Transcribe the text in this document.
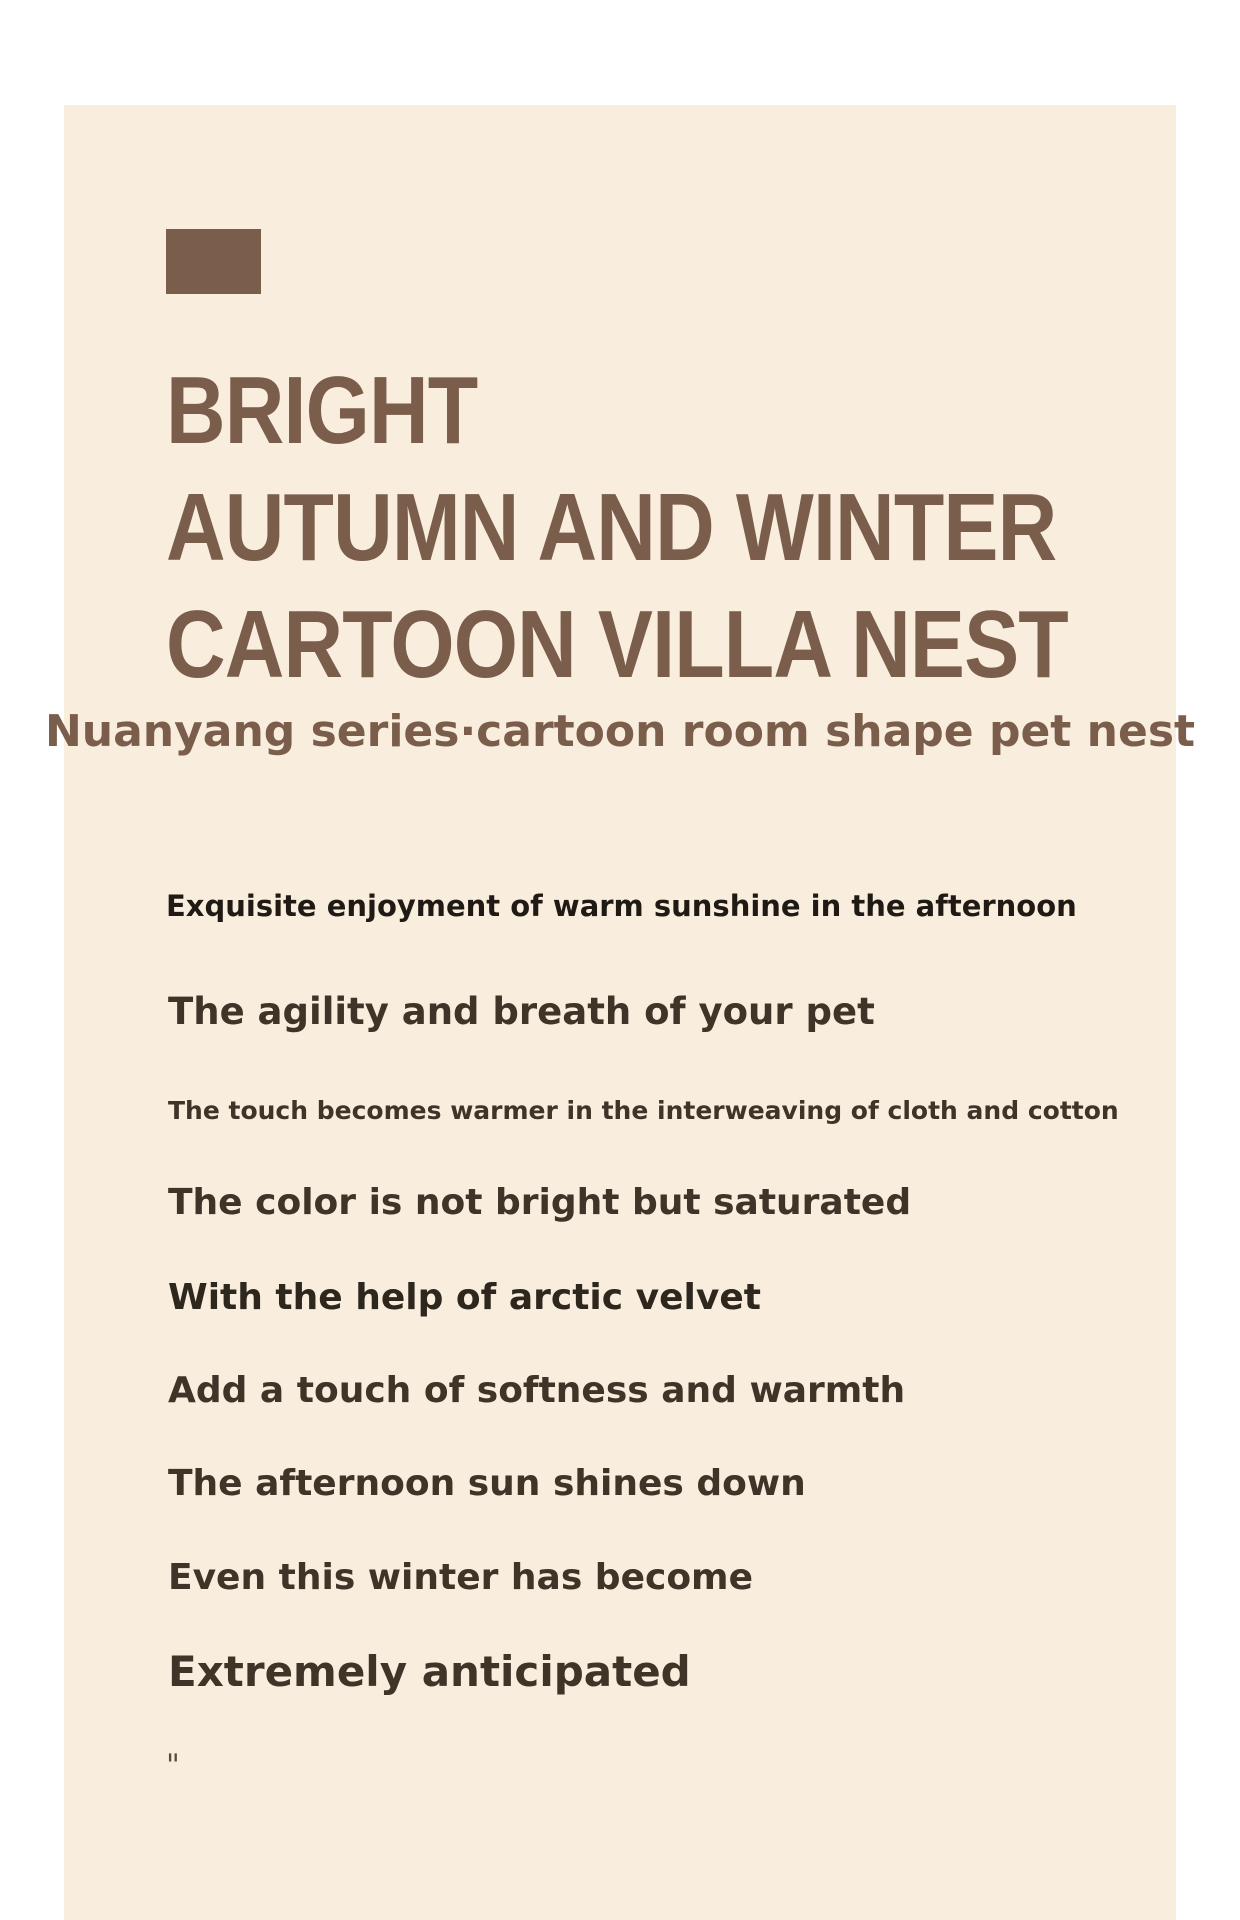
BRIGHT
AUTUMN AND WINTER
CARTOON VILLA NEST
Nuanyang series·cartoon room shape pet nest

Exquisite enjoyment of warm sunshine in the afternoon

The agility and breath of your pet

The touch becomes warmer in the interweaving of cloth and cotton

The color is not bright but saturated

With the help of arctic velvet

Add a touch of softness and warmth

The afternoon sun shines down

Even this winter has become

Extremely anticipated

"
